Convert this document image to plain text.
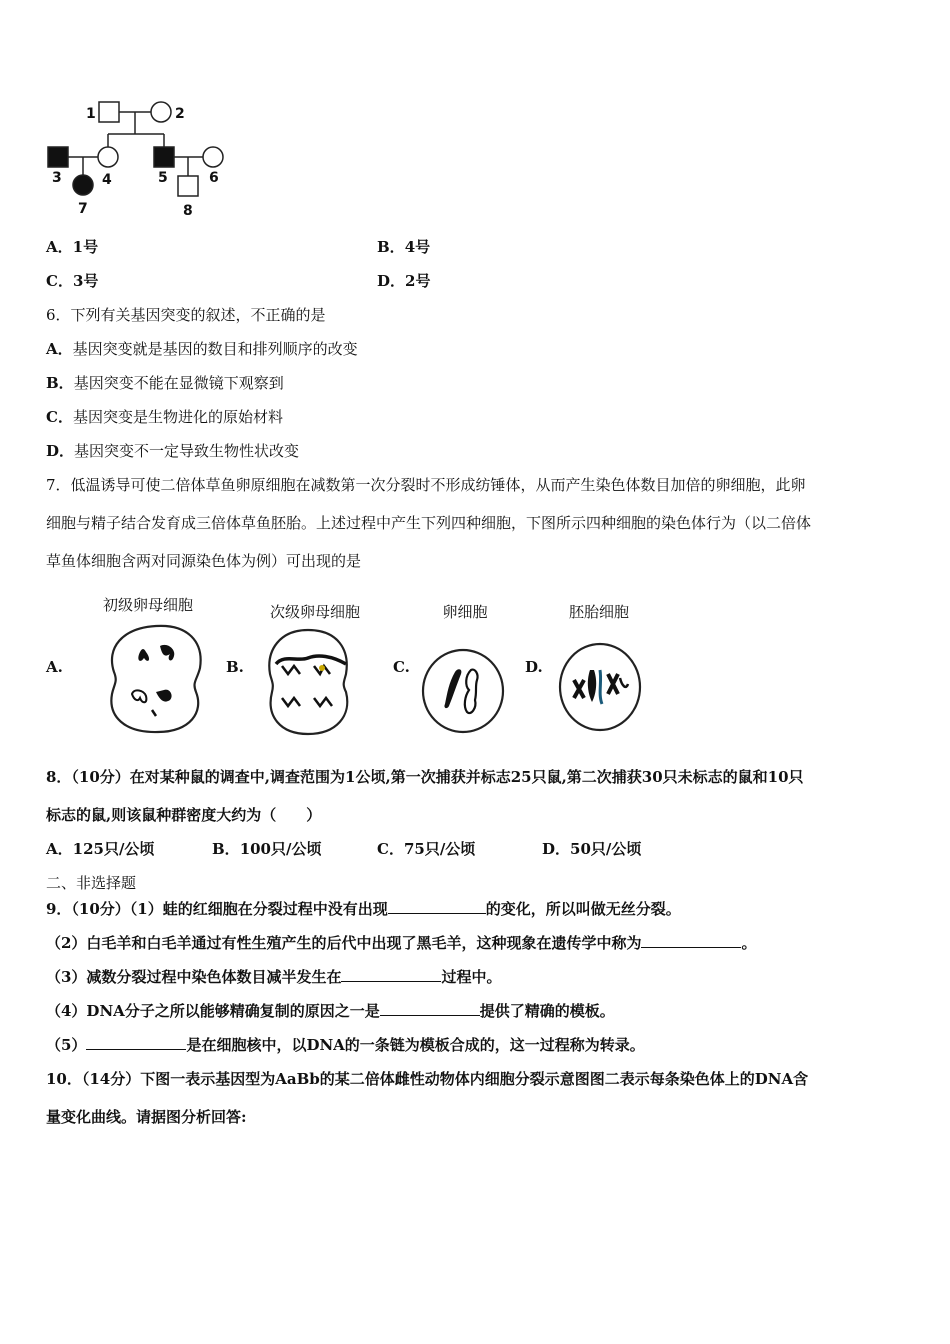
1	2
3	4	5	6
7	8
A．1号	B．4号
C．3号	D．2号
6．下列有关基因突变的叙述，不正确的是
A．基因突变就是基因的数目和排列顺序的改变
B．基因突变不能在显微镜下观察到
C．基因突变是生物进化的原始材料
D．基因突变不一定导致生物性状改变
7．低温诱导可使二倍体草鱼卵原细胞在减数第一次分裂时不形成纺锤体，从而产生染色体数目加倍的卵细胞，此卵
细胞与精子结合发育成三倍体草鱼胚胎。上述过程中产生下列四种细胞，下图所示四种细胞的染色体行为（以二倍体
草鱼体细胞含两对同源染色体为例）可出现的是
初级卵母细胞	次级卵母细胞	卵细胞	胚胎细胞
A.	B.	C.	D.
8．（10分）在对某种鼠的调查中,调查范围为1公顷,第一次捕获并标志25只鼠,第二次捕获30只未标志的鼠和10只
标志的鼠,则该鼠种群密度大约为（　　）
A．125只/公顷	B．100只/公顷	C．75只/公顷	D．50只/公顷
二、非选择题
9．（10分）（1）蛙的红细胞在分裂过程中没有出现	的变化，所以叫做无丝分裂。
（2）白毛羊和白毛羊通过有性生殖产生的后代中出现了黑毛羊，这种现象在遗传学中称为	。
（3）减数分裂过程中染色体数目减半发生在	过程中。
（4）DNA分子之所以能够精确复制的原因之一是	提供了精确的模板。
（5）	是在细胞核中，以DNA的一条链为模板合成的，这一过程称为转录。
10．（14分）下图一表示基因型为AaBb的某二倍体雌性动物体内细胞分裂示意图图二表示每条染色体上的DNA含
量变化曲线。请据图分析回答:
